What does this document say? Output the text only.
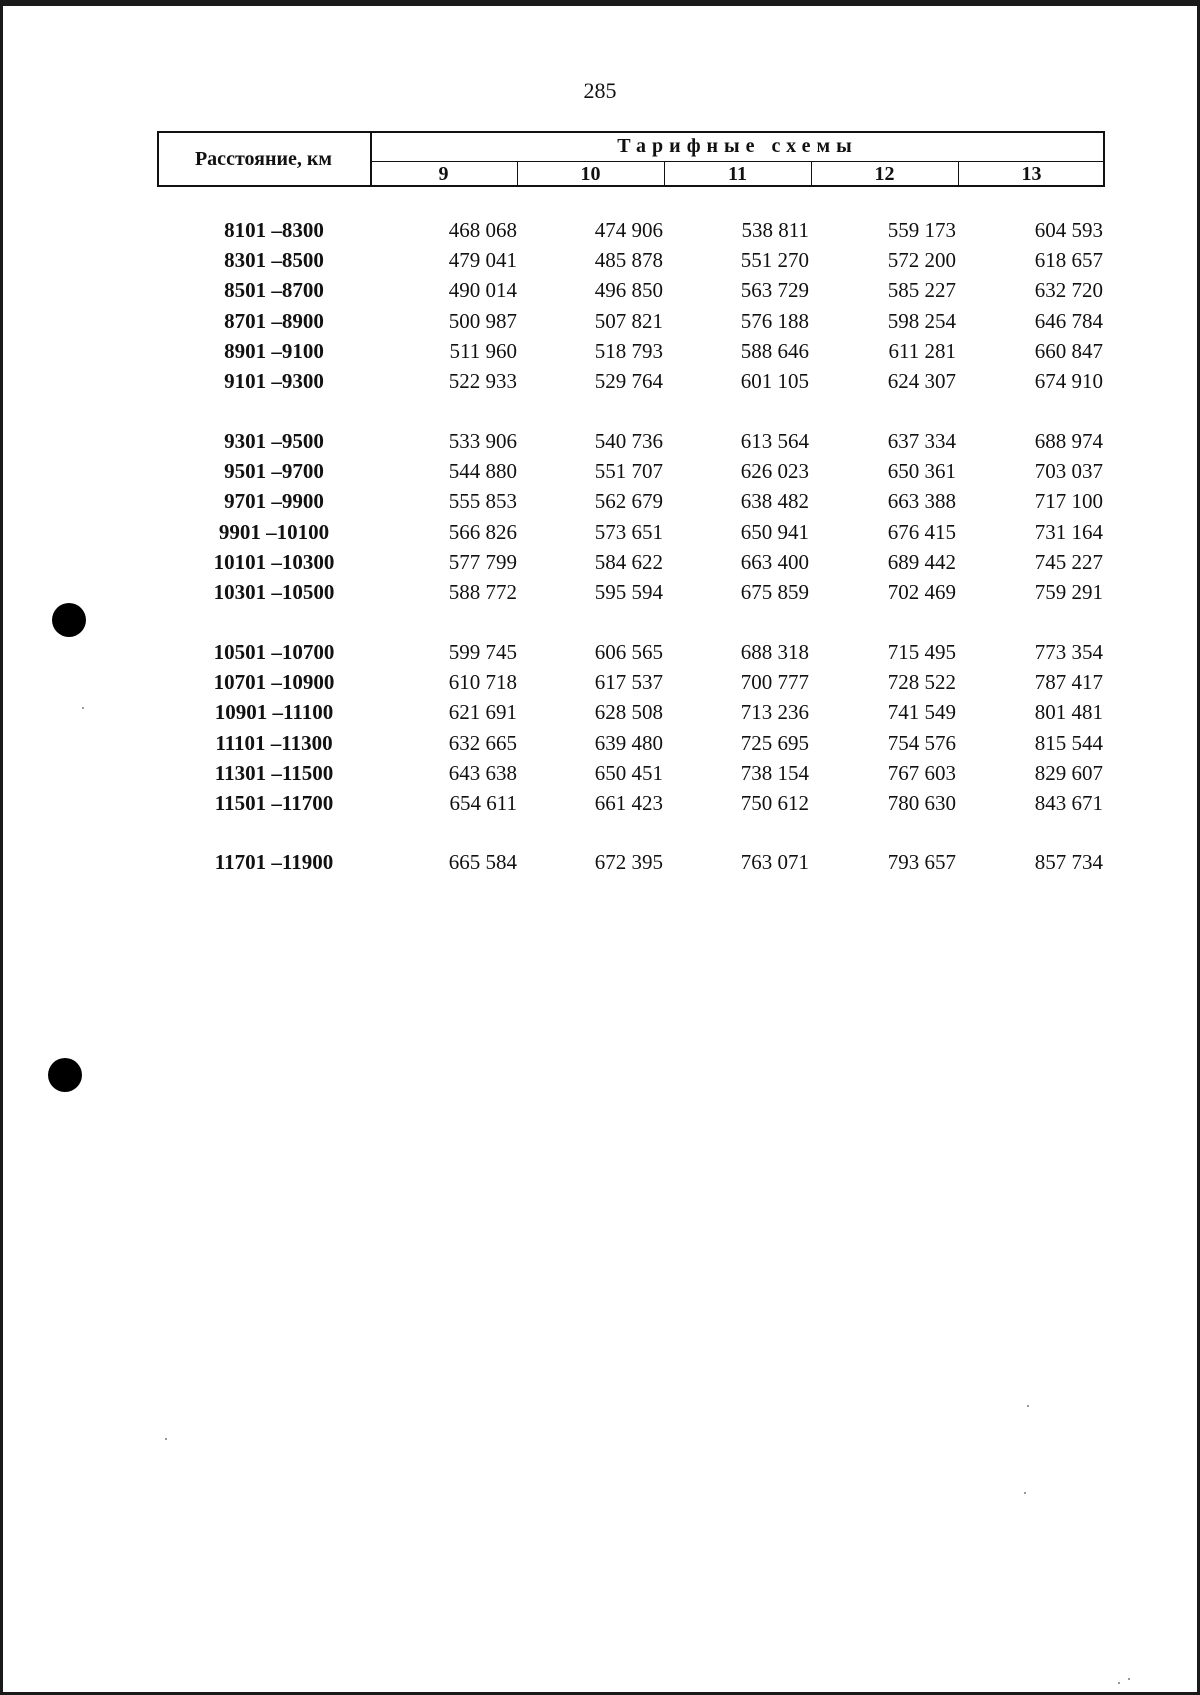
285
Расстояние, км
Тарифные схемы
9	10	11	12	13
8101 –8300	468 068	474 906	538 811	559 173	604 593
8301 –8500	479 041	485 878	551 270	572 200	618 657
8501 –8700	490 014	496 850	563 729	585 227	632 720
8701 –8900	500 987	507 821	576 188	598 254	646 784
8901 –9100	511 960	518 793	588 646	611 281	660 847
9101 –9300	522 933	529 764	601 105	624 307	674 910
9301 –9500	533 906	540 736	613 564	637 334	688 974
9501 –9700	544 880	551 707	626 023	650 361	703 037
9701 –9900	555 853	562 679	638 482	663 388	717 100
9901 –10100	566 826	573 651	650 941	676 415	731 164
10101 –10300	577 799	584 622	663 400	689 442	745 227
10301 –10500	588 772	595 594	675 859	702 469	759 291
10501 –10700	599 745	606 565	688 318	715 495	773 354
10701 –10900	610 718	617 537	700 777	728 522	787 417
10901 –11100	621 691	628 508	713 236	741 549	801 481
11101 –11300	632 665	639 480	725 695	754 576	815 544
11301 –11500	643 638	650 451	738 154	767 603	829 607
11501 –11700	654 611	661 423	750 612	780 630	843 671
11701 –11900	665 584	672 395	763 071	793 657	857 734
